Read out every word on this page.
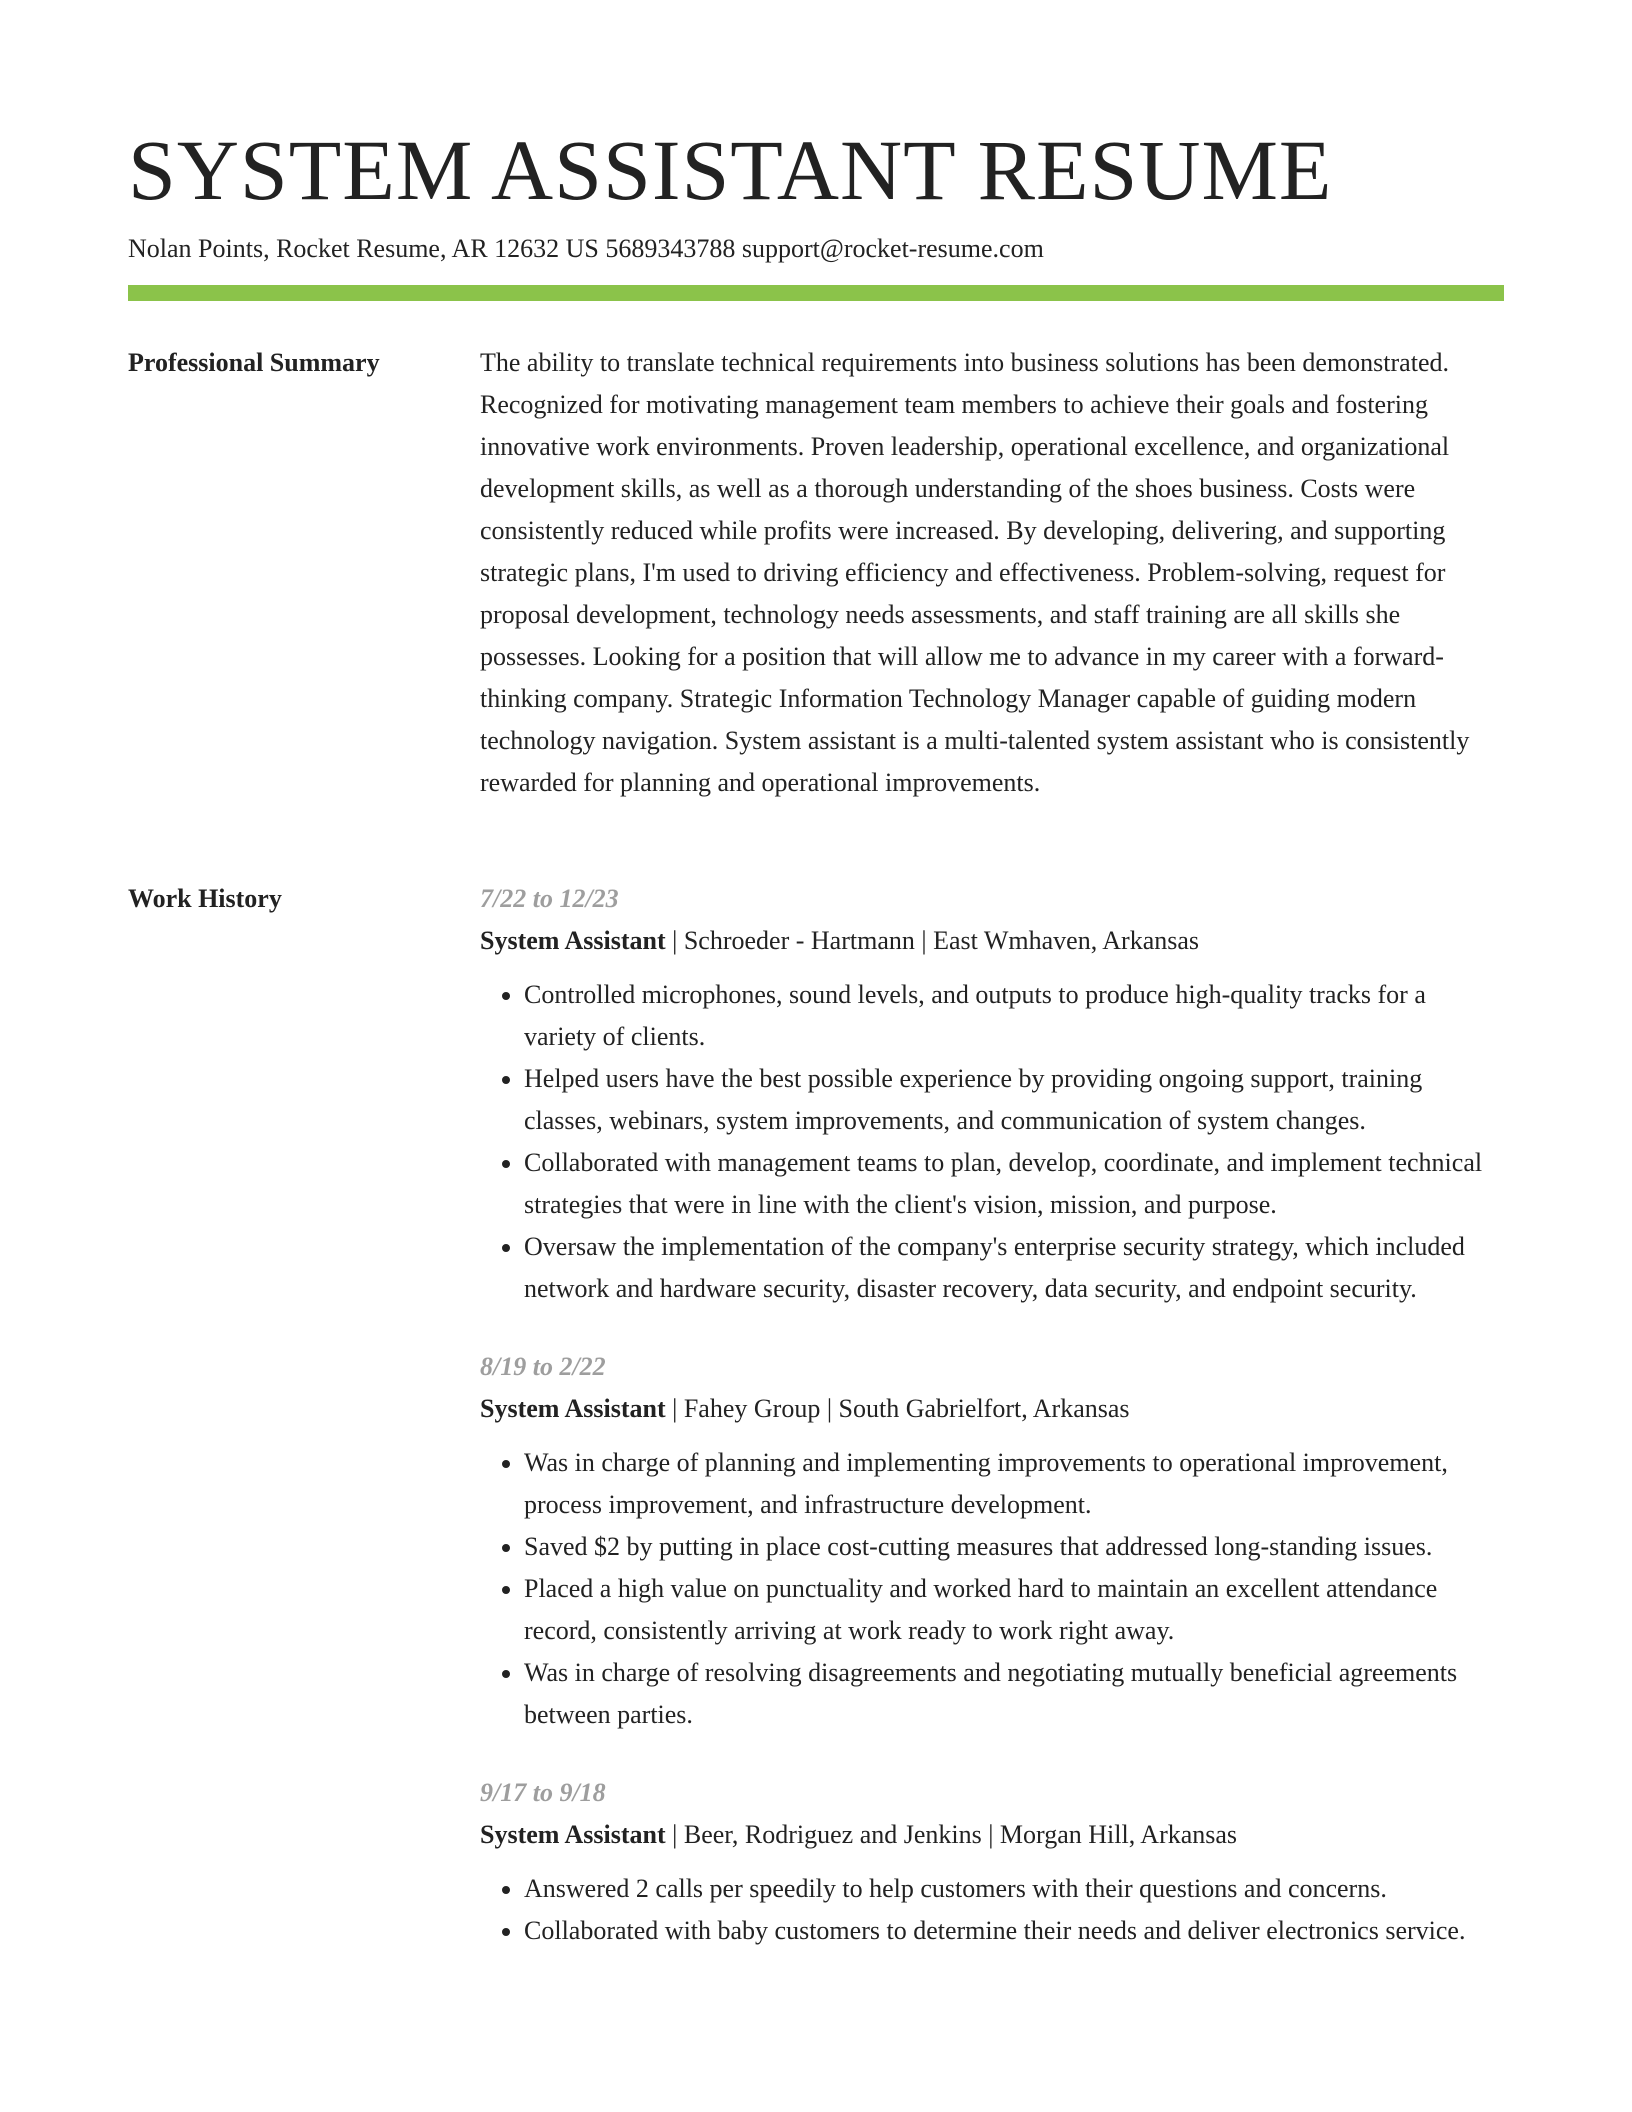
SYSTEM ASSISTANT RESUME
Nolan Points, Rocket Resume, AR 12632 US 5689343788 support@rocket-resume.com
Professional Summary	The ability to translate technical requirements into business solutions has been demonstrated. Recognized for motivating management team members to achieve their goals and fostering innovative work environments. Proven leadership, operational excellence, and organizational development skills, as well as a thorough understanding of the shoes business. Costs were consistently reduced while profits were increased. By developing, delivering, and supporting strategic plans, I'm used to driving efficiency and effectiveness. Problem-solving, request for proposal development, technology needs assessments, and staff training are all skills she possesses. Looking for a position that will allow me to advance in my career with a forward-thinking company. Strategic Information Technology Manager capable of guiding modern technology navigation. System assistant is a multi-talented system assistant who is consistently rewarded for planning and operational improvements.

Work History	7/22 to 12/23
System Assistant | Schroeder - Hartmann | East Wmhaven, Arkansas
• Controlled microphones, sound levels, and outputs to produce high-quality tracks for a variety of clients.
• Helped users have the best possible experience by providing ongoing support, training classes, webinars, system improvements, and communication of system changes.
• Collaborated with management teams to plan, develop, coordinate, and implement technical strategies that were in line with the client's vision, mission, and purpose.
• Oversaw the implementation of the company's enterprise security strategy, which included network and hardware security, disaster recovery, data security, and endpoint security.
8/19 to 2/22
System Assistant | Fahey Group | South Gabrielfort, Arkansas
• Was in charge of planning and implementing improvements to operational improvement, process improvement, and infrastructure development.
• Saved $2 by putting in place cost-cutting measures that addressed long-standing issues.
• Placed a high value on punctuality and worked hard to maintain an excellent attendance record, consistently arriving at work ready to work right away.
• Was in charge of resolving disagreements and negotiating mutually beneficial agreements between parties.
9/17 to 9/18
System Assistant | Beer, Rodriguez and Jenkins | Morgan Hill, Arkansas
• Answered 2 calls per speedily to help customers with their questions and concerns.
• Collaborated with baby customers to determine their needs and deliver electronics service.
